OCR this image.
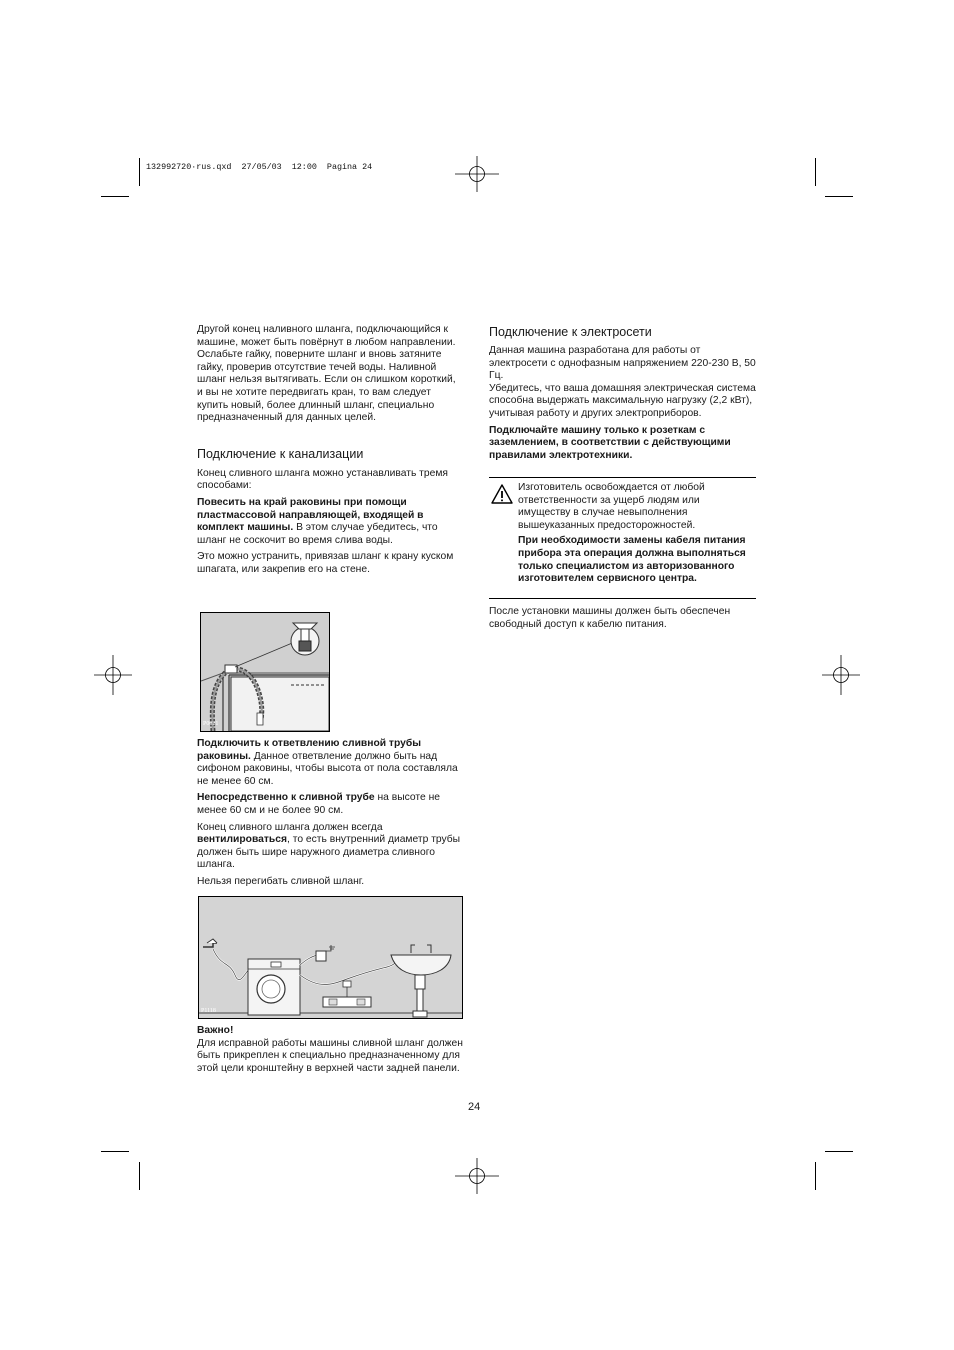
132992720·rus.qxd  27/05/03  12:00  Pagina 24

Другой конец наливного шланга, подключающийся к машине, может быть повёрнут в любом направлении. Ослабьте гайку, поверните шланг и вновь затяните гайку, проверив отсутствие течей воды. Наливной шланг нельзя вытягивать. Если он слишком короткий, и вы не хотите передвигать кран, то вам следует купить новый, более длинный шланг, специально предназначенный для данных целей.

Подключение к канализации

Конец сливного шланга можно устанавливать тремя способами:

Повесить на край раковины при помощи пластмассовой направляющей, входящей в комплект машины. В этом случае убедитесь, что шланг не соскочит во время слива воды.

Это можно устранить, привязав шланг к крану куском шпагата, или закрепив его на стене.

P0021

Подключить к ответвлению сливной трубы раковины. Данное ответвление должно быть над сифоном раковины, чтобы высота от пола составляла не менее 60 см.

Непосредственно к сливной трубе на высоте не менее 60 см и не более 90 см.

Конец сливного шланга должен всегда вентилироваться, то есть внутренний диаметр трубы должен быть шире наружного диаметра сливного шланга.

Нельзя перегибать сливной шланг.

P1118
Важно!
Для исправной работы машины сливной шланг должен быть прикреплен к специально предназначенному для этой цели кронштейну в верхней части задней панели.
Подключение к электросети

Данная машина разработана для работы от электросети с однофазным напряжением 220-230 В, 50 Гц.

Убедитесь, что ваша домашняя электрическая система способна выдержать максимальную нагрузку (2,2 кВт), учитывая работу и других электроприборов.

Подключайте машину только к розеткам с заземлением, в соответствии с действующими правилами электротехники.

Изготовитель освобождается от любой ответственности за ущерб людям или имуществу в случае невыполнения вышеуказанных предосторожностей.

При необходимости замены кабеля питания прибора эта операция должна выполняться только специалистом из авторизованного изготовителем сервисного центра.

После установки машины должен быть обеспечен свободный доступ к кабелю питания.

24
